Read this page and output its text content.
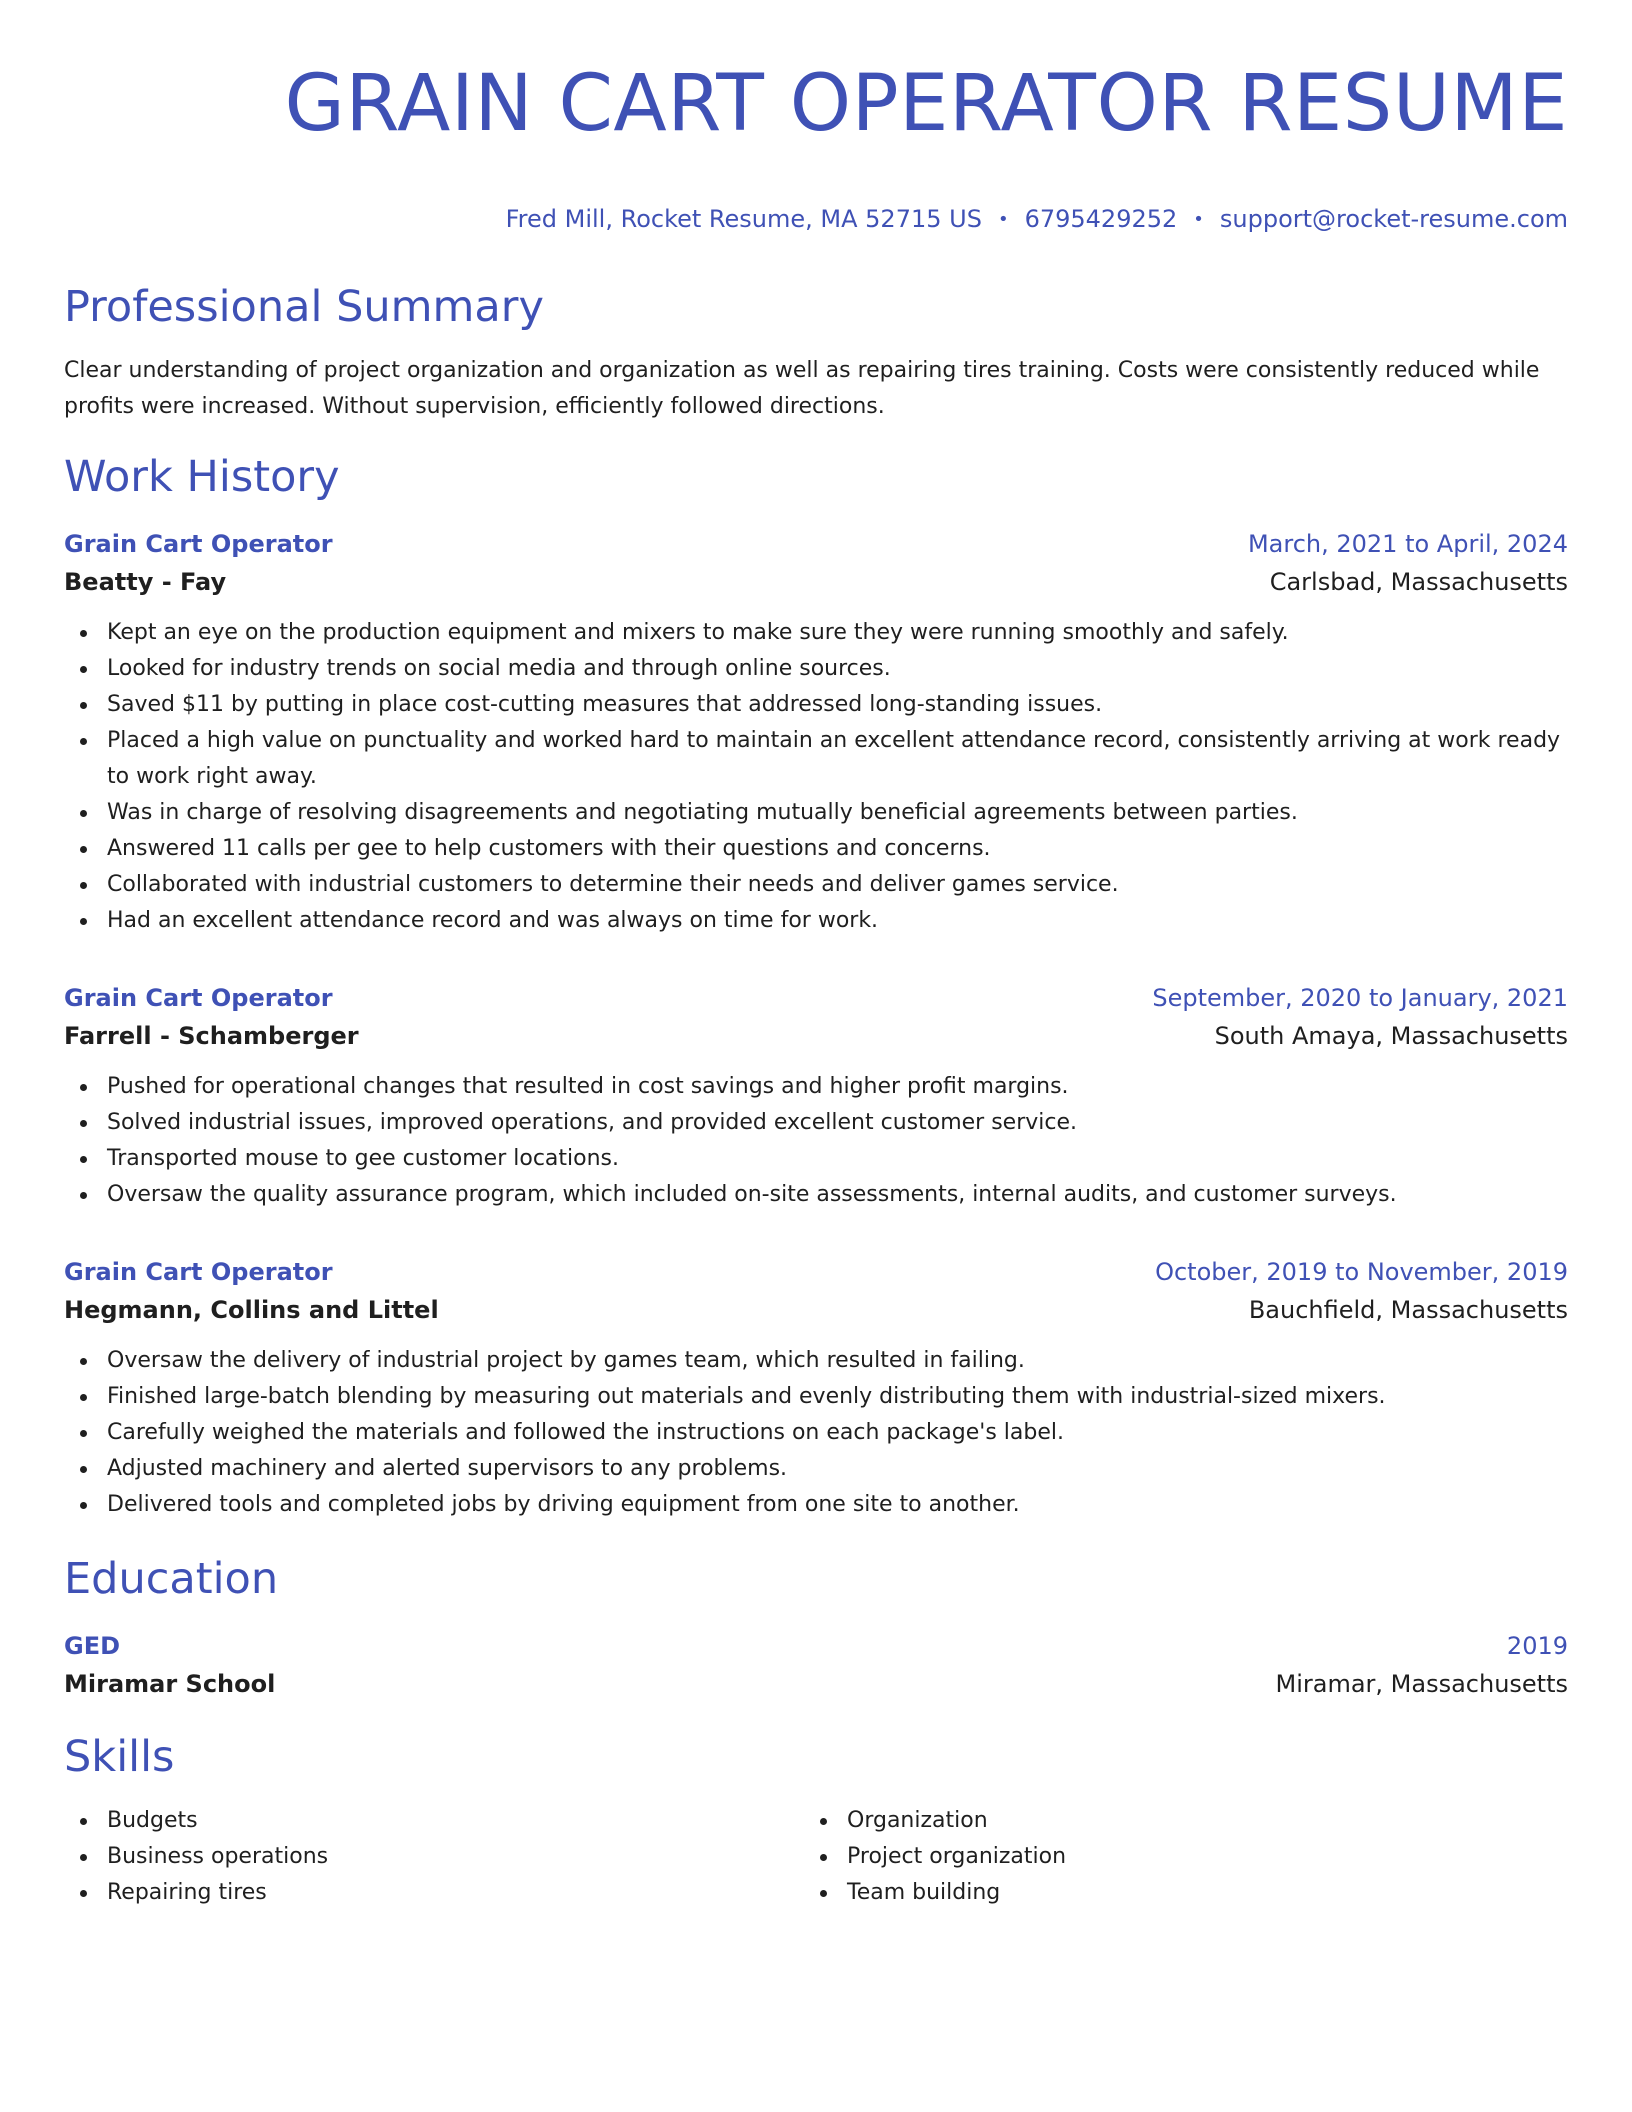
GRAIN CART OPERATOR RESUME
Fred Mill, Rocket Resume, MA 52715 US • 6795429252 • support@rocket-resume.com
Professional Summary
Clear understanding of project organization and organization as well as repairing tires training. Costs were consistently reduced while profits were increased. Without supervision, efficiently followed directions.
Work History
Grain Cart Operator	March, 2021 to April, 2024
Beatty - Fay	Carlsbad, Massachusetts
Kept an eye on the production equipment and mixers to make sure they were running smoothly and safely.
Looked for industry trends on social media and through online sources.
Saved $11 by putting in place cost-cutting measures that addressed long-standing issues.
Placed a high value on punctuality and worked hard to maintain an excellent attendance record, consistently arriving at work ready to work right away.
Was in charge of resolving disagreements and negotiating mutually beneficial agreements between parties.
Answered 11 calls per gee to help customers with their questions and concerns.
Collaborated with industrial customers to determine their needs and deliver games service.
Had an excellent attendance record and was always on time for work.
Grain Cart Operator	September, 2020 to January, 2021
Farrell - Schamberger	South Amaya, Massachusetts
Pushed for operational changes that resulted in cost savings and higher profit margins.
Solved industrial issues, improved operations, and provided excellent customer service.
Transported mouse to gee customer locations.
Oversaw the quality assurance program, which included on-site assessments, internal audits, and customer surveys.
Grain Cart Operator	October, 2019 to November, 2019
Hegmann, Collins and Littel	Bauchfield, Massachusetts
Oversaw the delivery of industrial project by games team, which resulted in failing.
Finished large-batch blending by measuring out materials and evenly distributing them with industrial-sized mixers.
Carefully weighed the materials and followed the instructions on each package's label.
Adjusted machinery and alerted supervisors to any problems.
Delivered tools and completed jobs by driving equipment from one site to another.
Education
GED	2019
Miramar School	Miramar, Massachusetts
Skills
Budgets
Business operations
Repairing tires
Organization
Project organization
Team building
